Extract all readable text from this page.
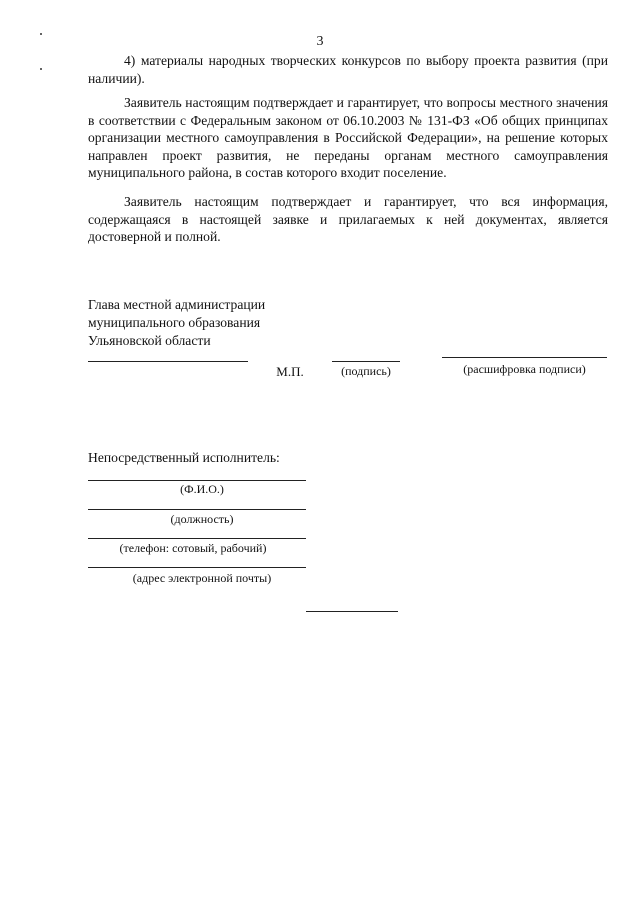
3

4) материалы народных творческих конкурсов по выбору проекта развития (при наличии).

Заявитель настоящим подтверждает и гарантирует, что вопросы местного значения в соответствии с Федеральным законом от 06.10.2003 № 131-ФЗ «Об общих принципах организации местного самоуправления в Российской Федерации», на решение которых направлен проект развития, не переданы органам местного самоуправления муниципального района, в состав которого входит поселение.

Заявитель настоящим подтверждает и гарантирует, что вся информация, содержащаяся в настоящей заявке и прилагаемых к ней документах, является достоверной и полной.

Глава местной администрации
муниципального образования
Ульяновской области
М.П.	(подпись)	(расшифровка подписи)
Непосредственный исполнитель:
(Ф.И.О.)
(должность)
(телефон: сотовый, рабочий)
(адрес электронной почты)
